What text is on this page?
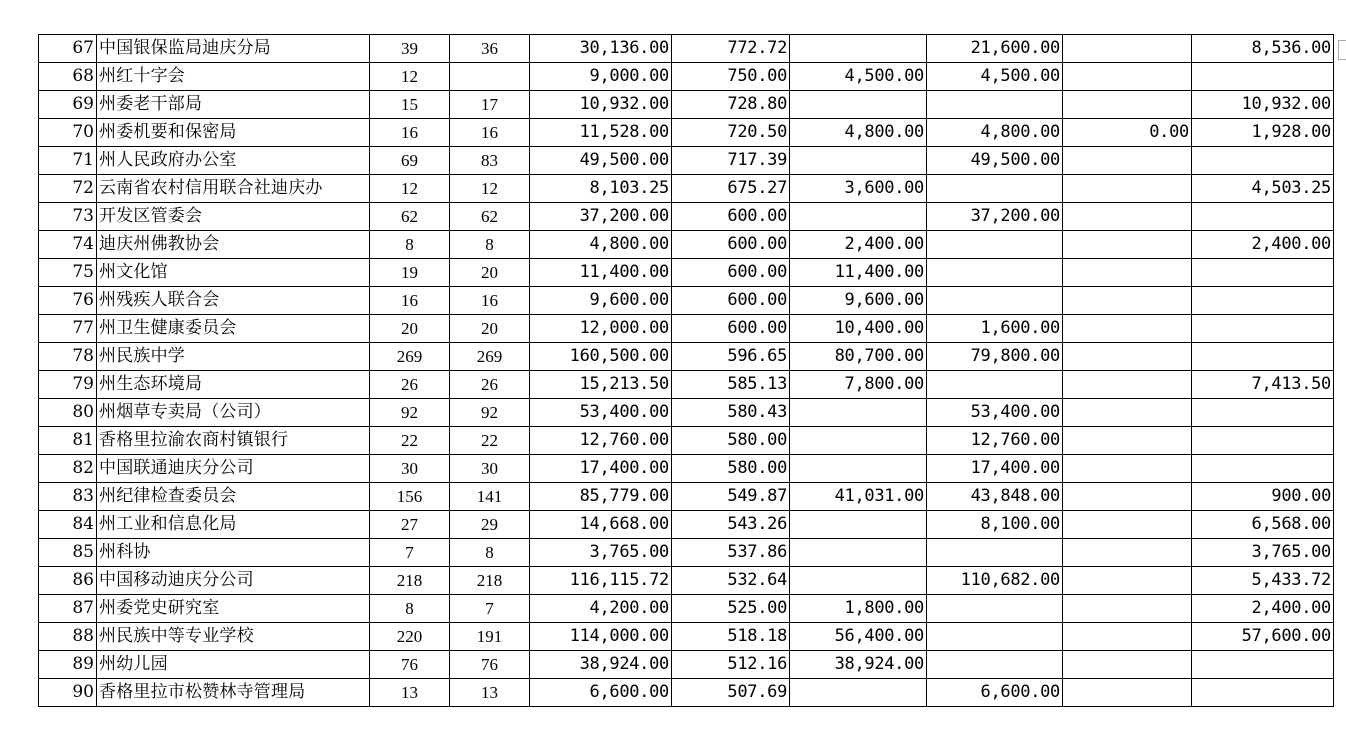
67	中国银保监局迪庆分局	39	36	30,136.00	772.72		21,600.00		8,536.00
68	州红十字会	12		9,000.00	750.00	4,500.00	4,500.00		
69	州委老干部局	15	17	10,932.00	728.80				10,932.00
70	州委机要和保密局	16	16	11,528.00	720.50	4,800.00	4,800.00	0.00	1,928.00
71	州人民政府办公室	69	83	49,500.00	717.39		49,500.00		
72	云南省农村信用联合社迪庆办	12	12	8,103.25	675.27	3,600.00			4,503.25
73	开发区管委会	62	62	37,200.00	600.00		37,200.00		
74	迪庆州佛教协会	8	8	4,800.00	600.00	2,400.00			2,400.00
75	州文化馆	19	20	11,400.00	600.00	11,400.00			
76	州残疾人联合会	16	16	9,600.00	600.00	9,600.00			
77	州卫生健康委员会	20	20	12,000.00	600.00	10,400.00	1,600.00		
78	州民族中学	269	269	160,500.00	596.65	80,700.00	79,800.00		
79	州生态环境局	26	26	15,213.50	585.13	7,800.00			7,413.50
80	州烟草专卖局（公司）	92	92	53,400.00	580.43		53,400.00		
81	香格里拉渝农商村镇银行	22	22	12,760.00	580.00		12,760.00		
82	中国联通迪庆分公司	30	30	17,400.00	580.00		17,400.00		
83	州纪律检查委员会	156	141	85,779.00	549.87	41,031.00	43,848.00		900.00
84	州工业和信息化局	27	29	14,668.00	543.26		8,100.00		6,568.00
85	州科协	7	8	3,765.00	537.86				3,765.00
86	中国移动迪庆分公司	218	218	116,115.72	532.64		110,682.00		5,433.72
87	州委党史研究室	8	7	4,200.00	525.00	1,800.00			2,400.00
88	州民族中等专业学校	220	191	114,000.00	518.18	56,400.00			57,600.00
89	州幼儿园	76	76	38,924.00	512.16	38,924.00			
90	香格里拉市松赞林寺管理局	13	13	6,600.00	507.69		6,600.00		
